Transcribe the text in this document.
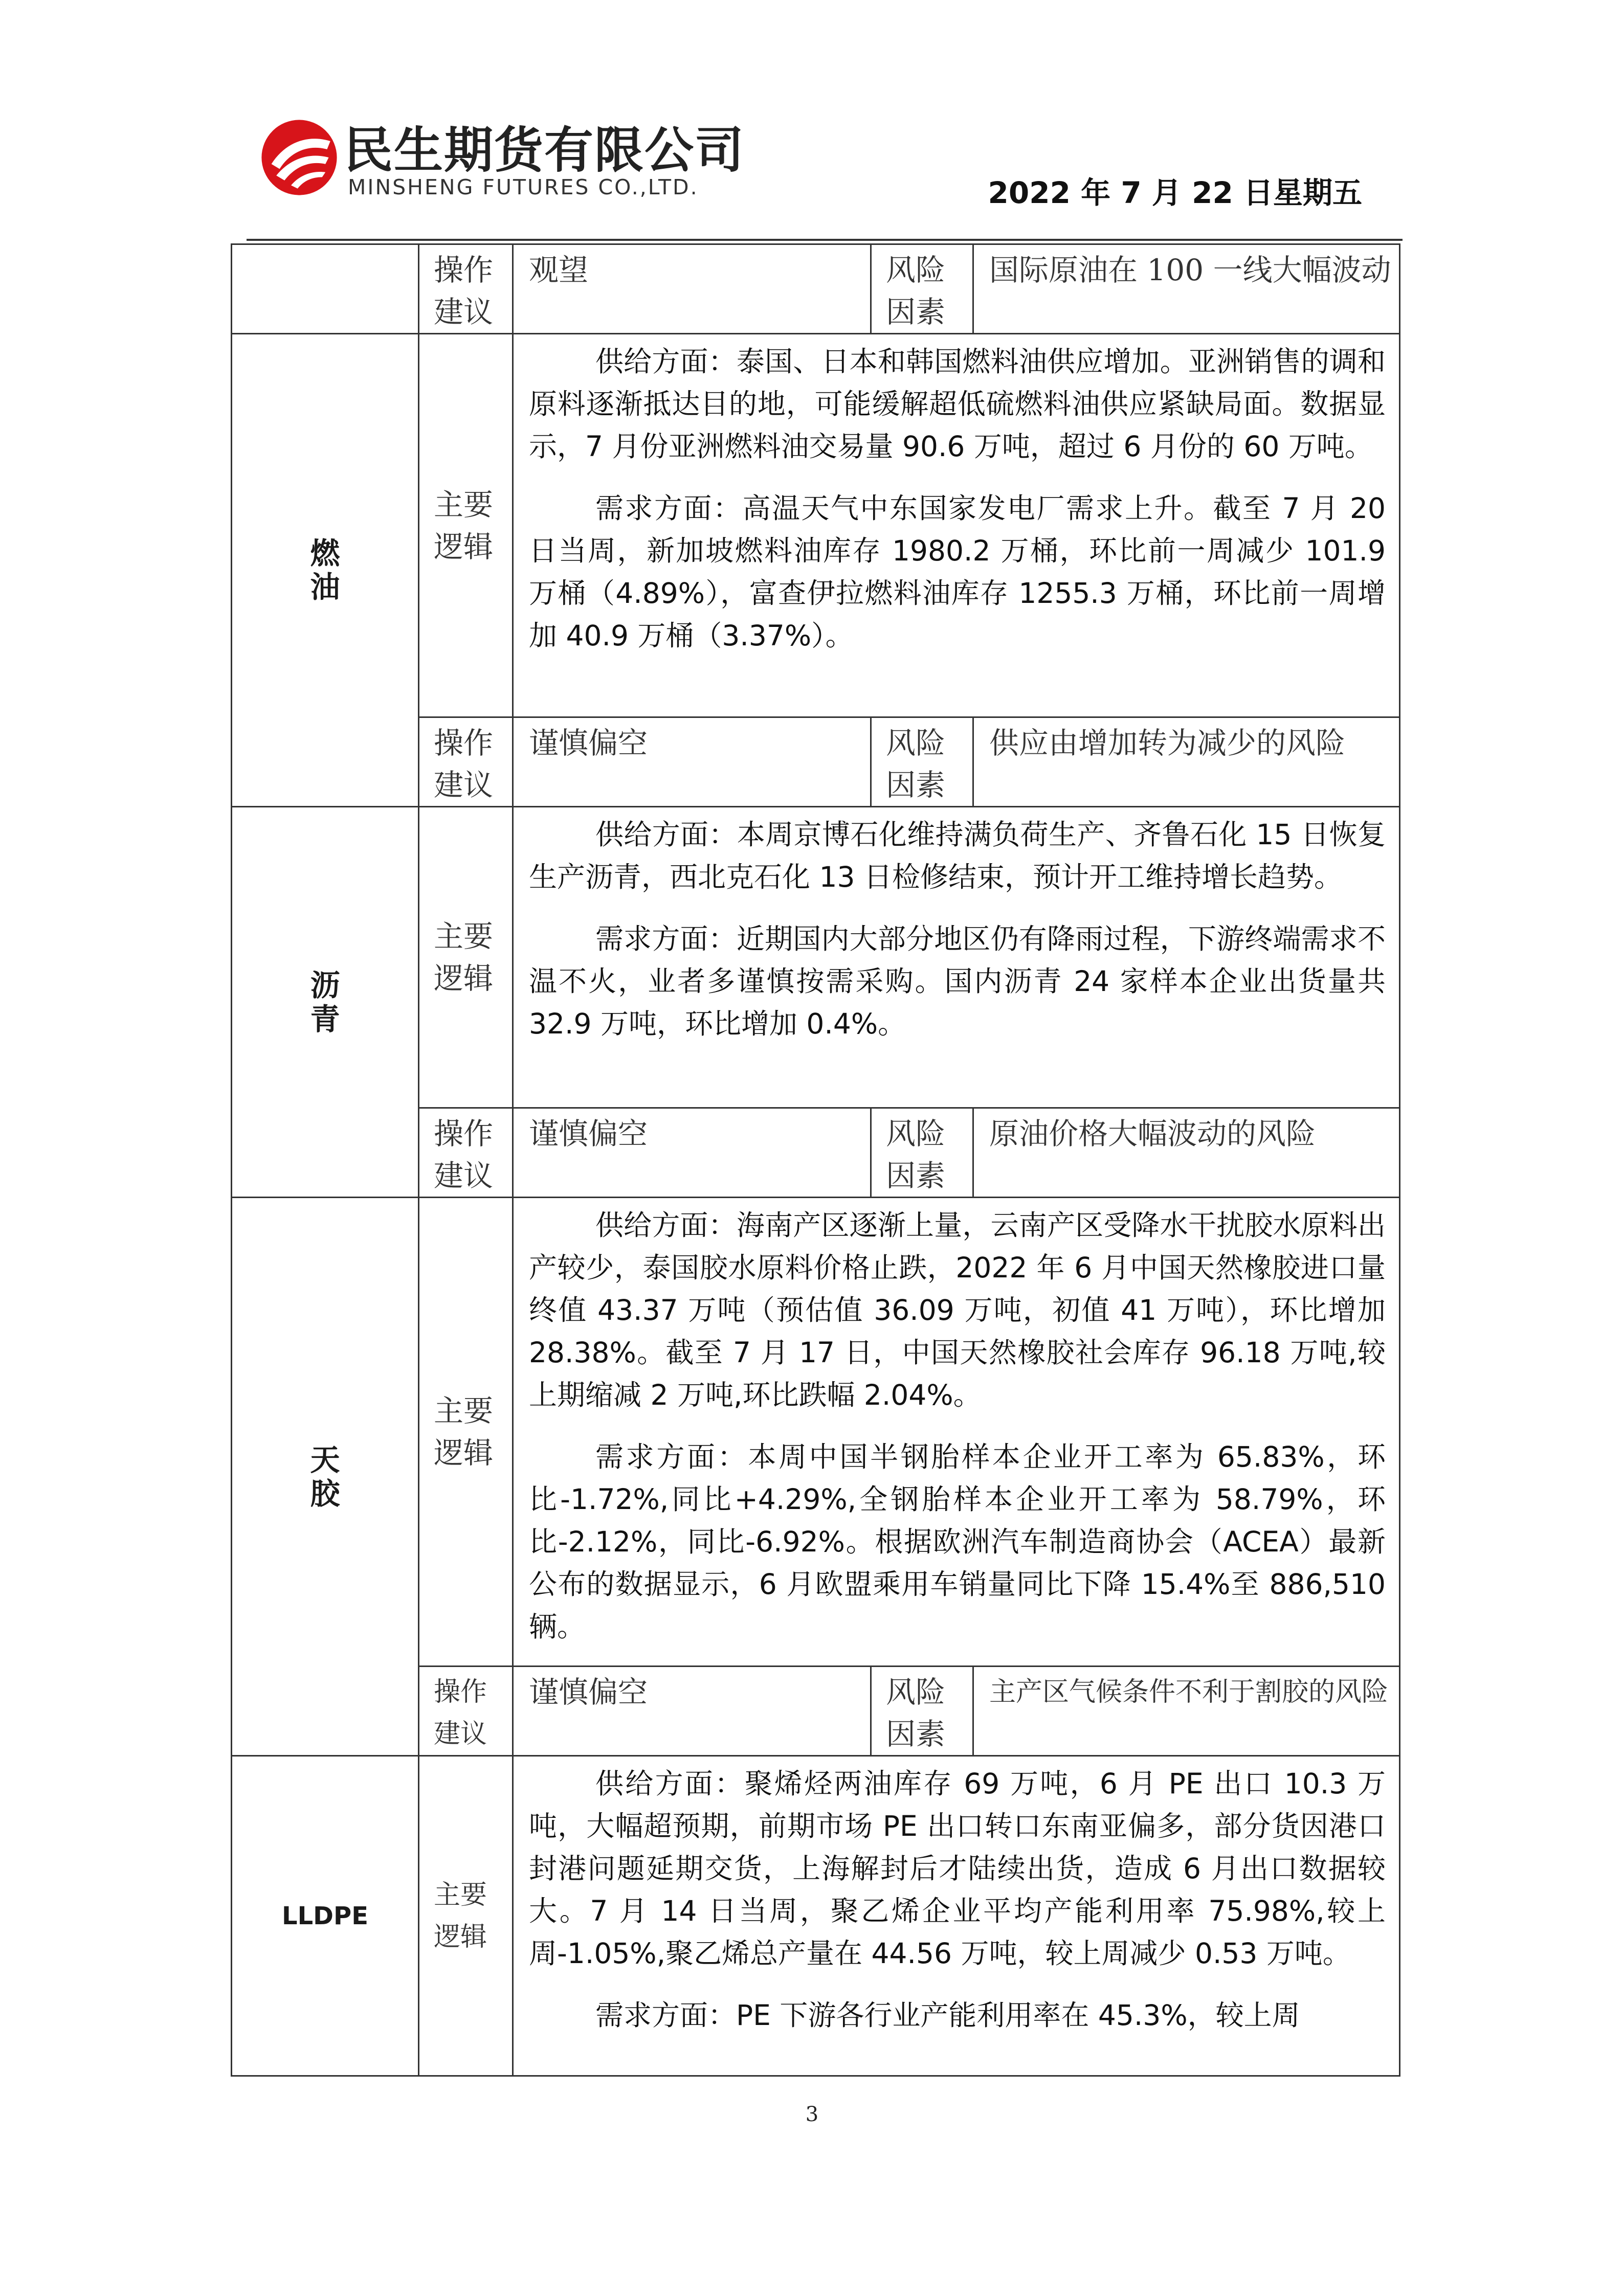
民生期货有限公司
MINSHENG FUTURES CO.,LTD.	2022 年 7 月 22 日星期五
	操作建议	观望	风险因素	国际原油在 100 一线大幅波动
燃油	主要逻辑	供给方面：泰国、日本和韩国燃料油供应增加。亚洲销售的调和原料逐渐抵达目的地，可能缓解超低硫燃料油供应紧缺局面。数据显示，7 月份亚洲燃料油交易量 90.6 万吨，超过 6 月份的 60 万吨。

需求方面：高温天气中东国家发电厂需求上升。截至 7 月 20 日当周，新加坡燃料油库存 1980.2 万桶，环比前一周减少 101.9 万桶（4.89%），富查伊拉燃料油库存 1255.3 万桶，环比前一周增加 40.9 万桶（3.37%）。		

	操作建议	谨慎偏空	风险因素	供应由增加转为减少的风险
沥青	主要逻辑	供给方面：本周京博石化维持满负荷生产、齐鲁石化 15 日恢复生产沥青，西北克石化 13 日检修结束，预计开工维持增长趋势。

需求方面：近期国内大部分地区仍有降雨过程，下游终端需求不温不火，业者多谨慎按需采购。国内沥青 24 家样本企业出货量共 32.9 万吨，环比增加 0.4%。		

	操作建议	谨慎偏空	风险因素	原油价格大幅波动的风险
天胶	主要逻辑	供给方面：海南产区逐渐上量，云南产区受降水干扰胶水原料出产较少，泰国胶水原料价格止跌，2022 年 6 月中国天然橡胶进口量终值 43.37 万吨（预估值 36.09 万吨，初值 41 万吨），环比增加 28.38%。截至 7 月 17 日，中国天然橡胶社会库存 96.18 万吨,较上期缩减 2 万吨,环比跌幅 2.04%。

需求方面：本周中国半钢胎样本企业开工率为 65.83%，环比-1.72%,同比+4.29%,全钢胎样本企业开工率为 58.79%，环比-2.12%，同比-6.92%。根据欧洲汽车制造商协会（ACEA）最新公布的数据显示，6 月欧盟乘用车销量同比下降 15.4%至 886,510 辆。		

	操作建议	谨慎偏空	风险因素	主产区气候条件不利于割胶的风险
LLDPE	主要逻辑	供给方面：聚烯烃两油库存 69 万吨，6 月 PE 出口 10.3 万吨，大幅超预期，前期市场 PE 出口转口东南亚偏多，部分货因港口封港问题延期交货，上海解封后才陆续出货，造成 6 月出口数据较大。7 月 14 日当周，聚乙烯企业平均产能利用率 75.98%,较上周-1.05%,聚乙烯总产量在 44.56 万吨，较上周减少 0.53 万吨。

需求方面：PE 下游各行业产能利用率在 45.3%，较上周		

3
